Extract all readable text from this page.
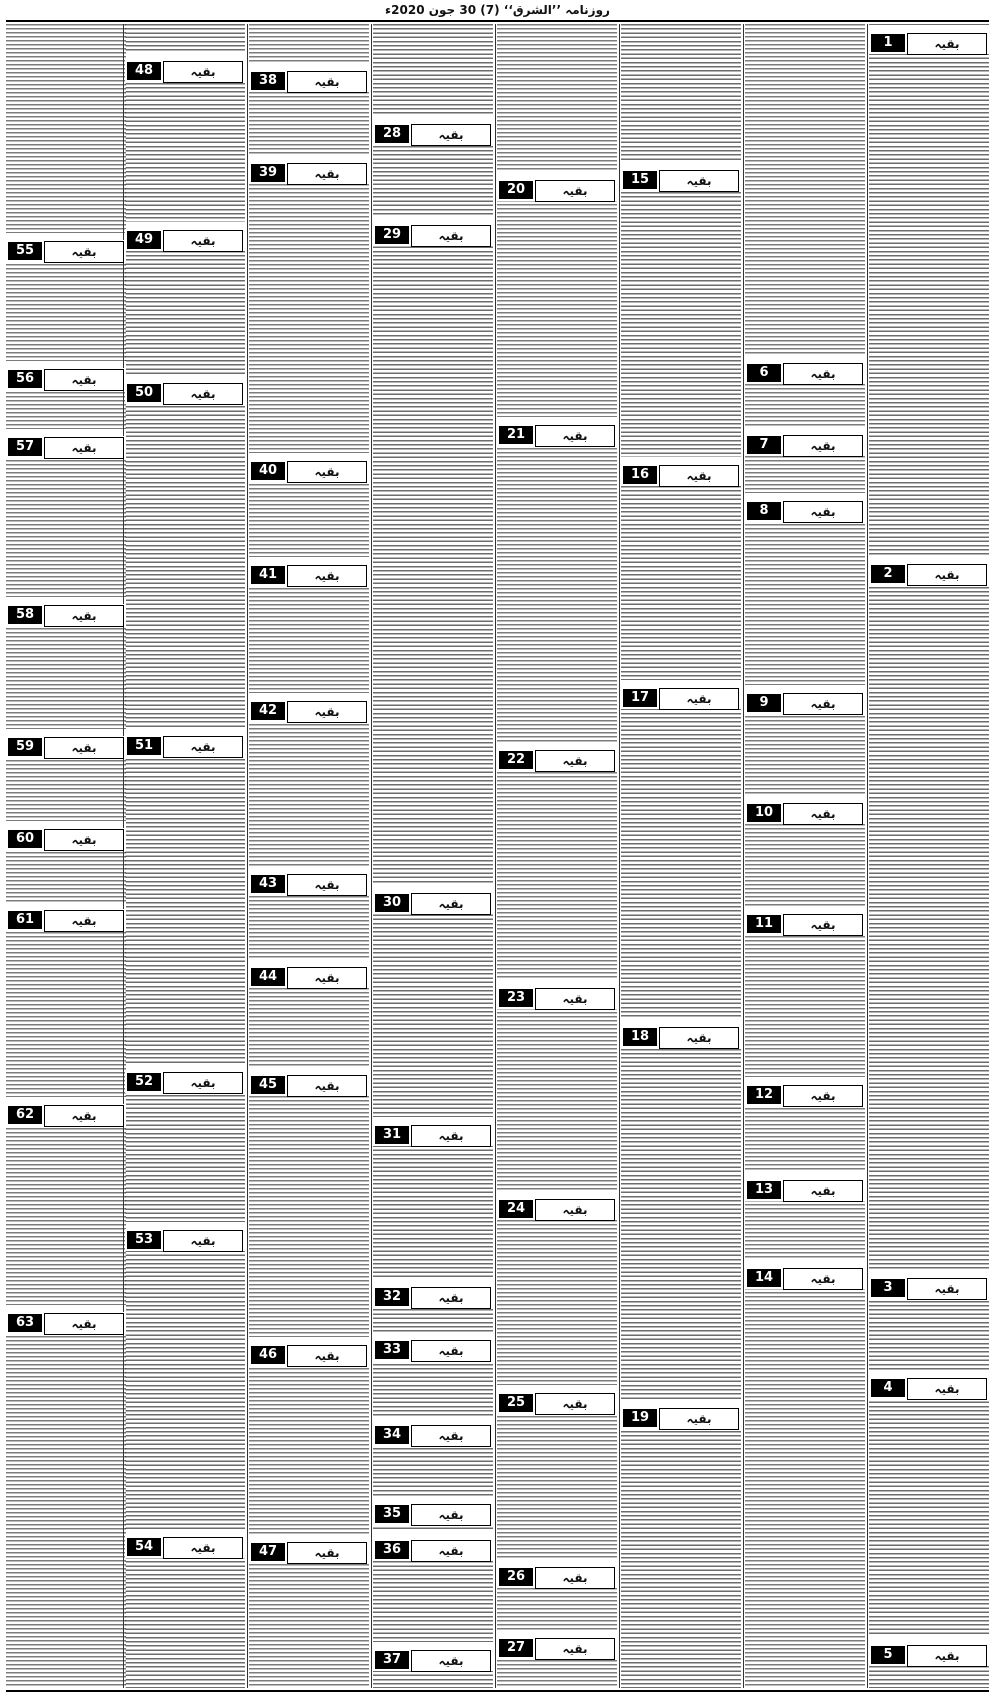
روزنامہ ’’الشرق‘‘ (7) 30 جون 2020ء
بقیہ
1
بقیہ
2
بقیہ
3
بقیہ
4
بقیہ
5
بقیہ
6
بقیہ
7
بقیہ
8
بقیہ
9
بقیہ
10
بقیہ
11
بقیہ
12
بقیہ
13
بقیہ
14
بقیہ
15
بقیہ
16
بقیہ
17
بقیہ
18
بقیہ
19
بقیہ
20
بقیہ
21
بقیہ
22
بقیہ
23
بقیہ
24
بقیہ
25
بقیہ
26
بقیہ
27
بقیہ
28
بقیہ
29
بقیہ
30
بقیہ
31
بقیہ
32
بقیہ
33
بقیہ
34
بقیہ
35
بقیہ
36
بقیہ
37
بقیہ
38
بقیہ
39
بقیہ
40
بقیہ
41
بقیہ
42
بقیہ
43
بقیہ
44
بقیہ
45
بقیہ
46
بقیہ
47
بقیہ
48
بقیہ
49
بقیہ
50
بقیہ
51
بقیہ
52
بقیہ
53
بقیہ
54
بقیہ
55
بقیہ
56
بقیہ
57
بقیہ
58
بقیہ
59
بقیہ
60
بقیہ
61
بقیہ
62
بقیہ
63
